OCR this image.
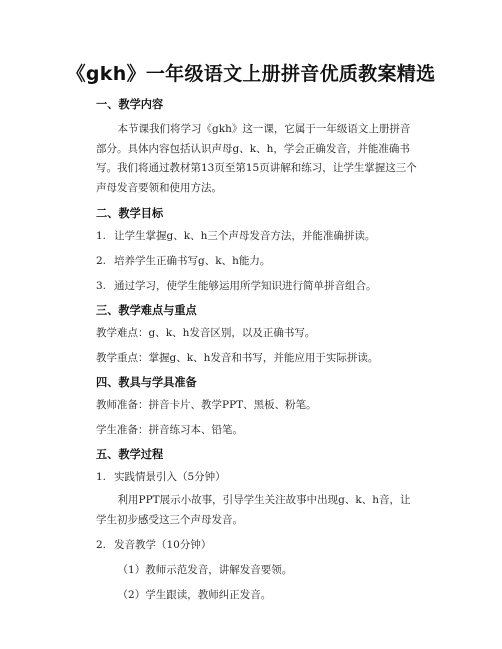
《gkh》一年级语文上册拼音优质教案精选
一、教学内容

本节课我们将学习《gkh》这一课，它属于一年级语文上册拼音部分。具体内容包括认识声母g、k、h，学会正确发音，并能准确书写。我们将通过教材第13页至第15页讲解和练习，让学生掌握这三个声母发音要领和使用方法。

二、教学目标
1. 让学生掌握g、k、h三个声母发音方法，并能准确拼读。
2. 培养学生正确书写g、k、h能力。
3. 通过学习，使学生能够运用所学知识进行简单拼音组合。
三、教学难点与重点
教学难点：g、k、h发音区别，以及正确书写。
教学重点：掌握g、k、h发音和书写，并能应用于实际拼读。
四、教具与学具准备
教师准备：拼音卡片、教学PPT、黑板、粉笔。
学生准备：拼音练习本、铅笔。
五、教学过程
1. 实践情景引入（5分钟）

利用PPT展示小故事，引导学生关注故事中出现g、k、h音，让学生初步感受这三个声母发音。

2. 发音教学（10分钟）
（1）教师示范发音，讲解发音要领。
（2）学生跟读，教师纠正发音。
